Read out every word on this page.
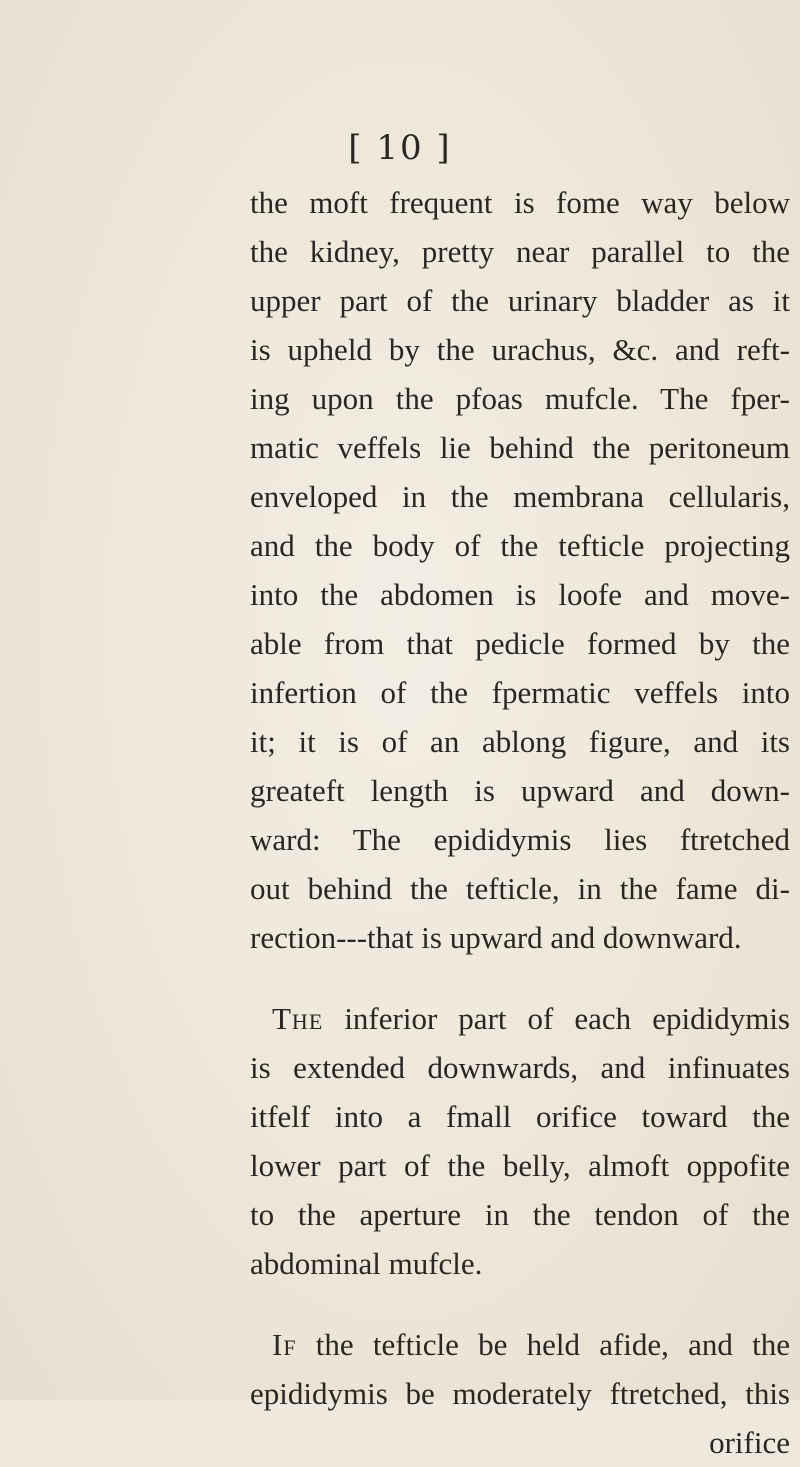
[ 10 ]
the moft frequent is fome way below
the kidney, pretty near parallel to the
upper part of the urinary bladder as it
is upheld by the urachus, &c. and reft-
ing upon the pfoas mufcle. The fper-
matic veffels lie behind the peritoneum
enveloped in the membrana cellularis,
and the body of the tefticle projecting
into the abdomen is loofe and move-
able from that pedicle formed by the
infertion of the fpermatic veffels into
it; it is of an ablong figure, and its
greateft length is upward and down-
ward: The epididymis lies ftretched
out behind the tefticle, in the fame di-
rection---that is upward and downward.
The inferior part of each epididymis
is extended downwards, and infinuates
itfelf into a fmall orifice toward the
lower part of the belly, almoft oppofite
to the aperture in the tendon of the
abdominal mufcle.
If the tefticle be held afide, and the
epididymis be moderately ftretched, this
orifice
